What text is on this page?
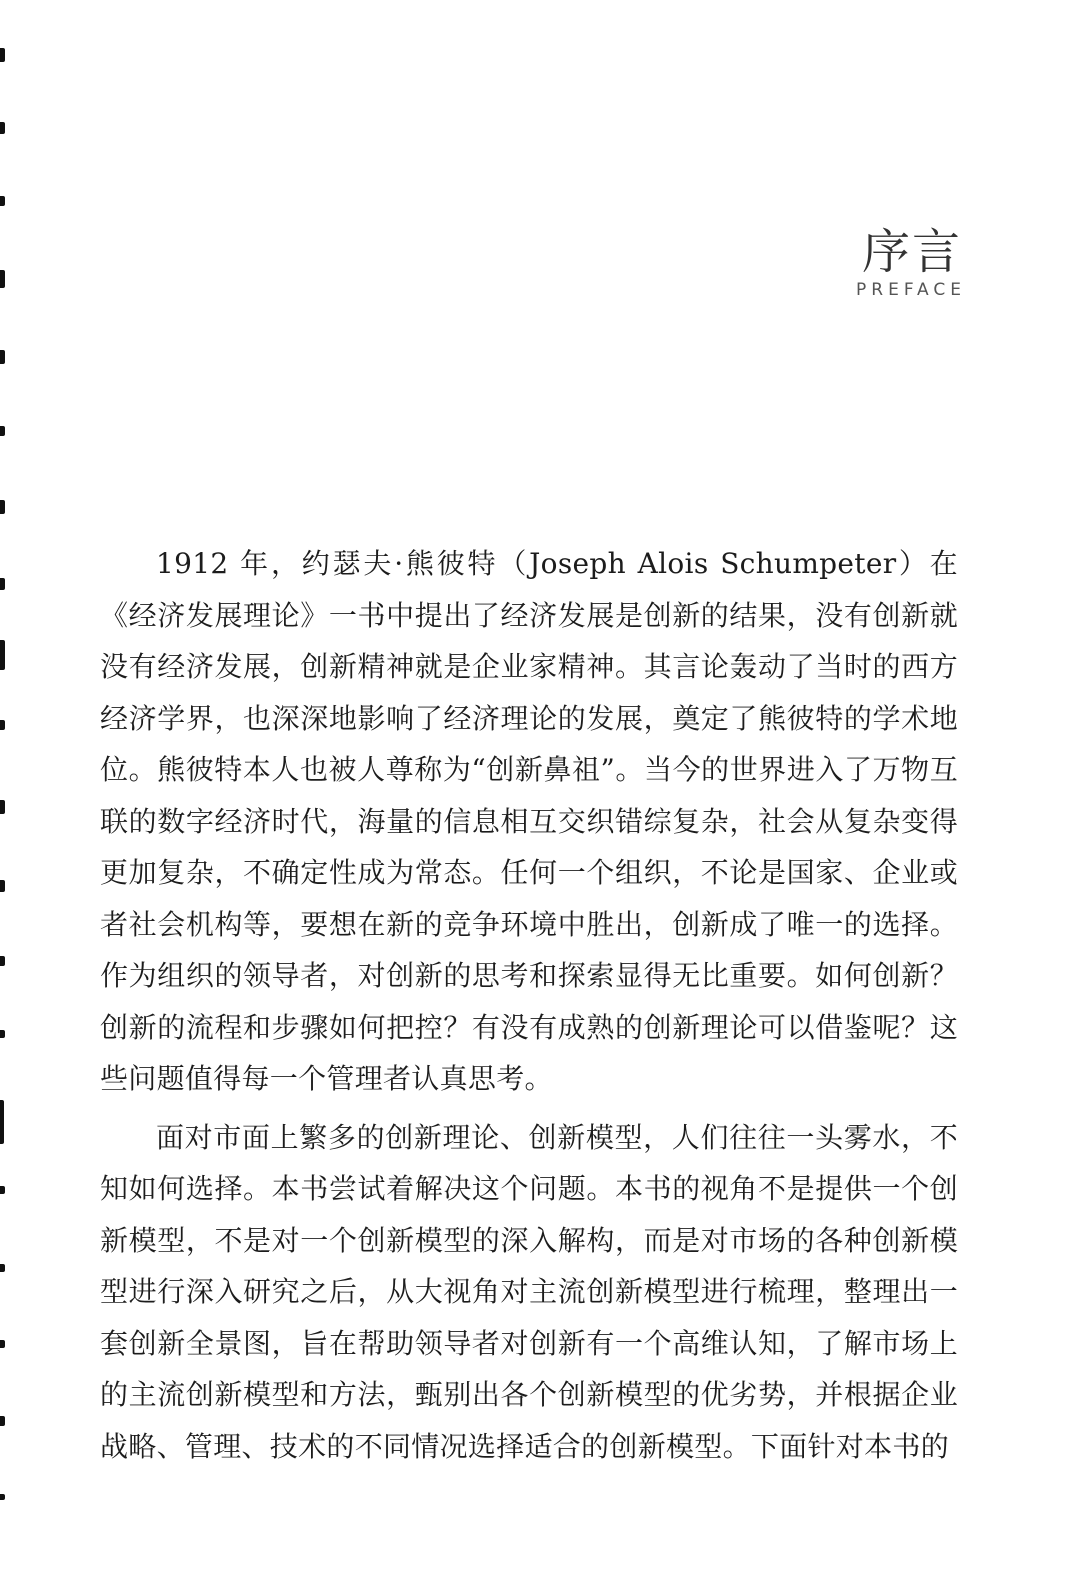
序言
PREFACE

1912 年，约瑟夫·熊彼特（Joseph Alois Schumpeter）在《经济发展理论》一书中提出了经济发展是创新的结果，没有创新就没有经济发展，创新精神就是企业家精神。其言论轰动了当时的西方经济学界，也深深地影响了经济理论的发展，奠定了熊彼特的学术地位。熊彼特本人也被人尊称为“创新鼻祖”。当今的世界进入了万物互联的数字经济时代，海量的信息相互交织错综复杂，社会从复杂变得更加复杂，不确定性成为常态。任何一个组织，不论是国家、企业或者社会机构等，要想在新的竞争环境中胜出，创新成了唯一的选择。作为组织的领导者，对创新的思考和探索显得无比重要。如何创新？创新的流程和步骤如何把控？有没有成熟的创新理论可以借鉴呢？这些问题值得每一个管理者认真思考。

面对市面上繁多的创新理论、创新模型，人们往往一头雾水，不知如何选择。本书尝试着解决这个问题。本书的视角不是提供一个创新模型，不是对一个创新模型的深入解构，而是对市场的各种创新模型进行深入研究之后，从大视角对主流创新模型进行梳理，整理出一套创新全景图，旨在帮助领导者对创新有一个高维认知，了解市场上的主流创新模型和方法，甄别出各个创新模型的优劣势，并根据企业战略、管理、技术的不同情况选择适合的创新模型。下面针对本书的
